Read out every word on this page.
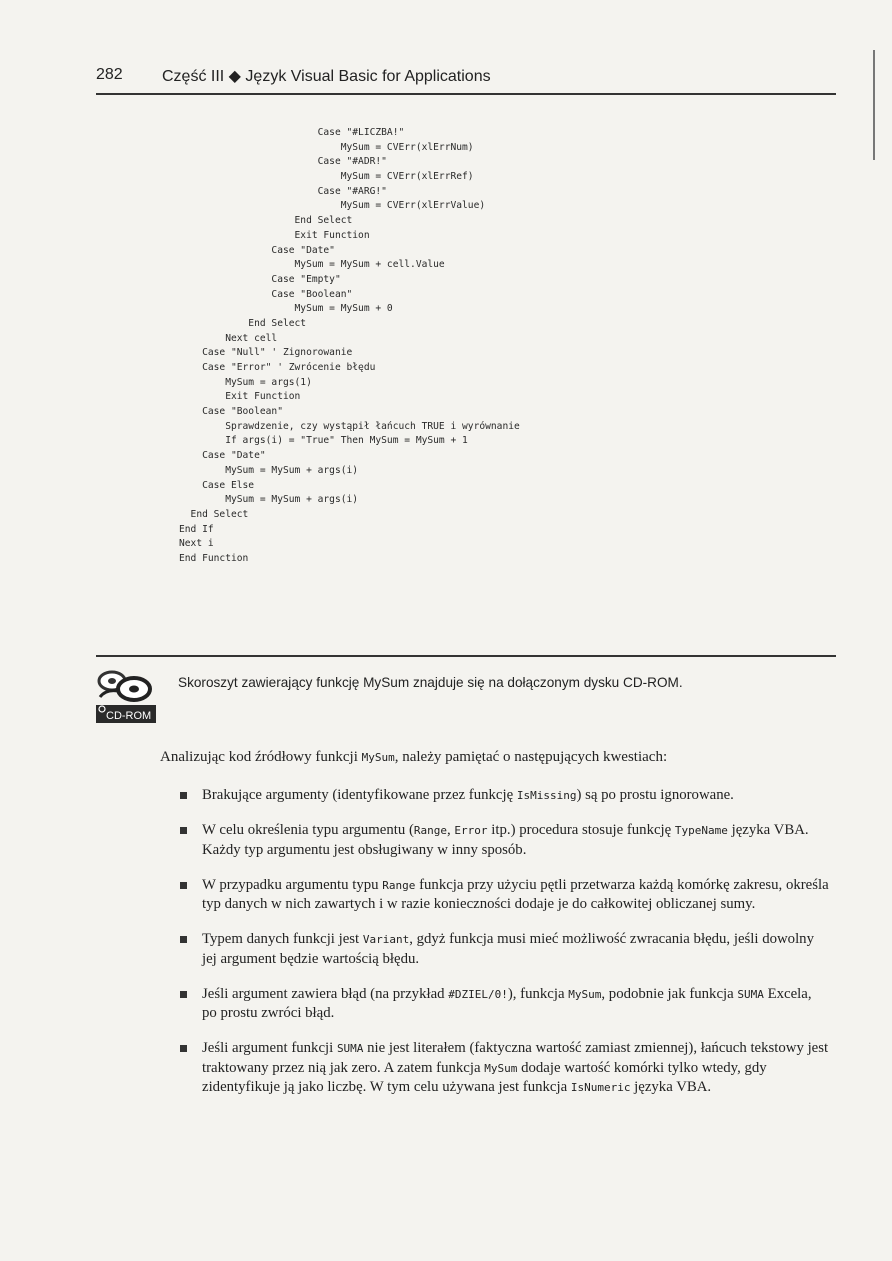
282 Część III ◆ Język Visual Basic for Applications
Case "#LICZBA!"
MySum = CVErr(xlErrNum)
Case "#ADR!"
MySum = CVErr(xlErrRef)
Case "#ARG!"
MySum = CVErr(xlErrValue)
End Select
Exit Function
Case "Date"
MySum = MySum + cell.Value
Case "Empty"
Case "Boolean"
MySum = MySum + 0
End Select
Next cell
Case "Null" ' Zignorowanie
Case "Error" ' Zwrócenie błędu
MySum = args(1)
Exit Function
Case "Boolean"
Sprawdzenie, czy wystąpił łańcuch TRUE i wyrównanie
If args(i) = "True" Then MySum = MySum + 1
Case "Date"
MySum = MySum + args(i)
Case Else
MySum = MySum + args(i)
End Select
End If
Next i
End Function
CD-ROM
Skoroszyt zawierający funkcję MySum znajduje się na dołączonym dysku CD-ROM.
Analizując kod źródłowy funkcji MySum, należy pamiętać o następujących kwestiach:
Brakujące argumenty (identyfikowane przez funkcję IsMissing) są po prostu ignorowane.
W celu określenia typu argumentu (Range, Error itp.) procedura stosuje funkcję TypeName języka VBA. Każdy typ argumentu jest obsługiwany w inny sposób.
W przypadku argumentu typu Range funkcja przy użyciu pętli przetwarza każdą komórkę zakresu, określa typ danych w nich zawartych i w razie konieczności dodaje je do całkowitej obliczanej sumy.
Typem danych funkcji jest Variant, gdyż funkcja musi mieć możliwość zwracania błędu, jeśli dowolny jej argument będzie wartością błędu.
Jeśli argument zawiera błąd (na przykład #DZIEL/0!), funkcja MySum, podobnie jak funkcja SUMA Excela, po prostu zwróci błąd.
Jeśli argument funkcji SUMA nie jest literałem (faktyczna wartość zamiast zmiennej), łańcuch tekstowy jest traktowany przez nią jak zero. A zatem funkcja MySum dodaje wartość komórki tylko wtedy, gdy zidentyfikuje ją jako liczbę. W tym celu używana jest funkcja IsNumeric języka VBA.
